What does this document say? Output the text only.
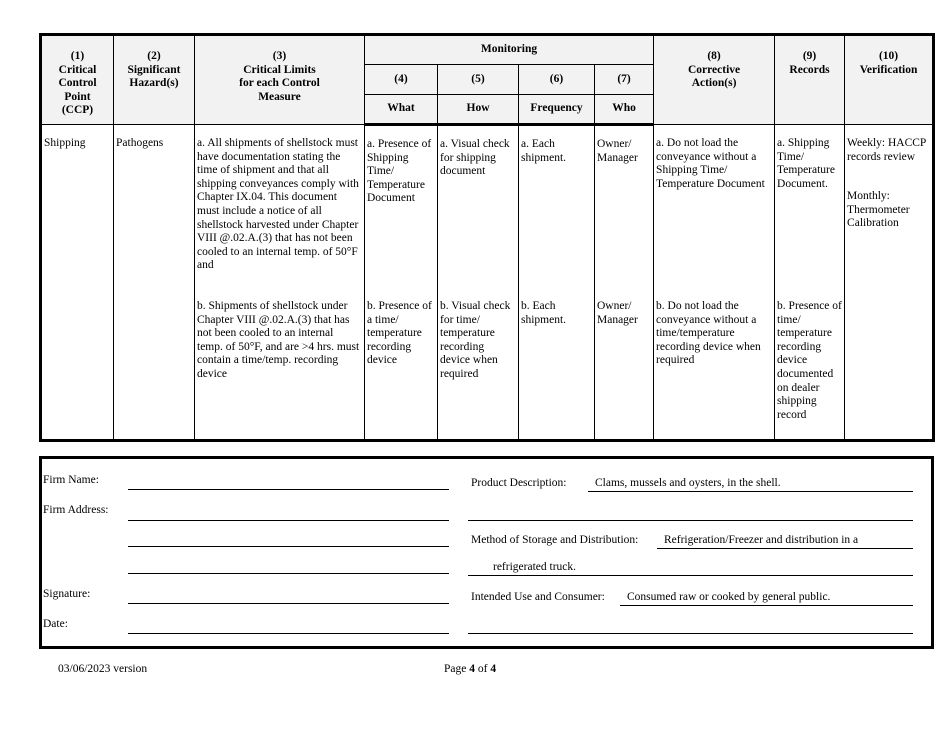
(1)
Critical
Control
Point
(CCP)	(2)
Significant
Hazard(s)	(3)
Critical Limits
for each Control
Measure	Monitoring				(8)
Corrective
Action(s)	(9)
Records	(10)
Verification
			(4)	(5)	(6)	(7)			
			What	How	Frequency	Who			
Shipping	Pathogens	a. All shipments of shellstock must have documentation stating the time of shipment and that all shipping conveyances comply with Chapter IX.04. This document must include a notice of all shellstock harvested under Chapter VIII @.02.A.(3) that has not been cooled to an internal temp. of 50°F and	a. Presence of Shipping Time/ Temperature Document	a. Visual check for shipping document	a. Each shipment.	Owner/ Manager	a. Do not load the conveyance without a Shipping Time/ Temperature Document	a. Shipping Time/ Temperature Document.	Weekly: HACCP records review
Monthly: Thermometer Calibration
		b. Shipments of shellstock under Chapter VIII @.02.A.(3) that has not been cooled to an internal temp. of 50°F, and are >4 hrs. must contain a time/temp. recording device	b. Presence of a time/ temperature recording device	b. Visual check for time/ temperature recording device when required	b. Each shipment.	Owner/ Manager	b. Do not load the conveyance without a time/temperature recording device when required	b. Presence of time/ temperature recording device documented on dealer shipping record	
Firm Name:
Firm Address:
Signature:
Date:
Product Description: Clams, mussels and oysters, in the shell.
Method of Storage and Distribution: Refrigeration/Freezer and distribution in a
refrigerated truck.
Intended Use and Consumer: Consumed raw or cooked by general public.
03/06/2023 version	Page 4 of 4
